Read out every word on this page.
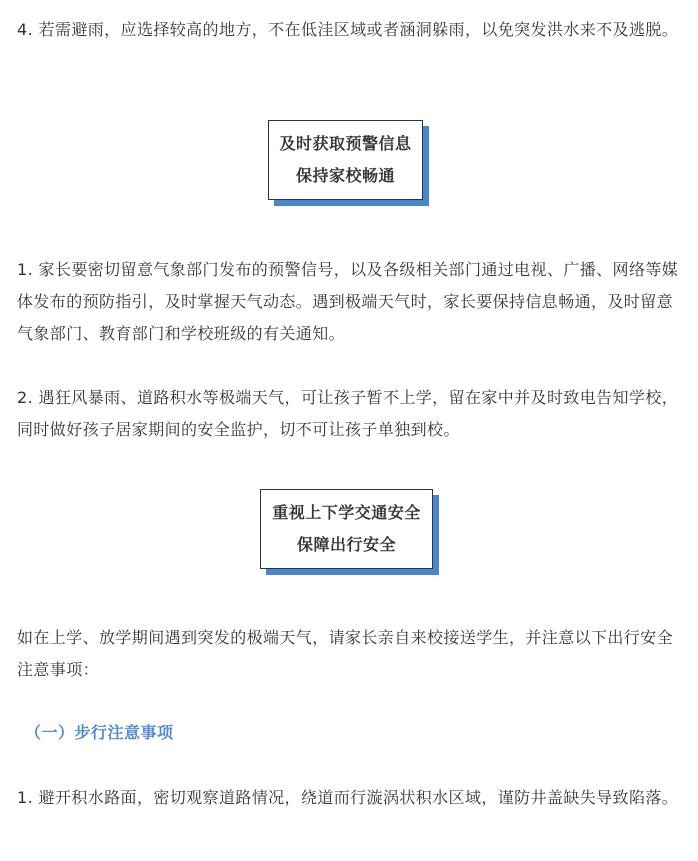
4. 若需避雨，应选择较高的地方，不在低洼区域或者涵洞躲雨，以免突发洪水来不及逃脱。

及时获取预警信息
保持家校畅通

1. 家长要密切留意气象部门发布的预警信号，以及各级相关部门通过电视、广播、网络等媒体发布的预防指引，及时掌握天气动态。遇到极端天气时，家长要保持信息畅通，及时留意气象部门、教育部门和学校班级的有关通知。

2. 遇狂风暴雨、道路积水等极端天气，可让孩子暂不上学，留在家中并及时致电告知学校，同时做好孩子居家期间的安全监护，切不可让孩子单独到校。

重视上下学交通安全
保障出行安全

如在上学、放学期间遇到突发的极端天气，请家长亲自来校接送学生，并注意以下出行安全注意事项：

（一）步行注意事项

1. 避开积水路面，密切观察道路情况，绕道而行漩涡状积水区域，谨防井盖缺失导致陷落。
